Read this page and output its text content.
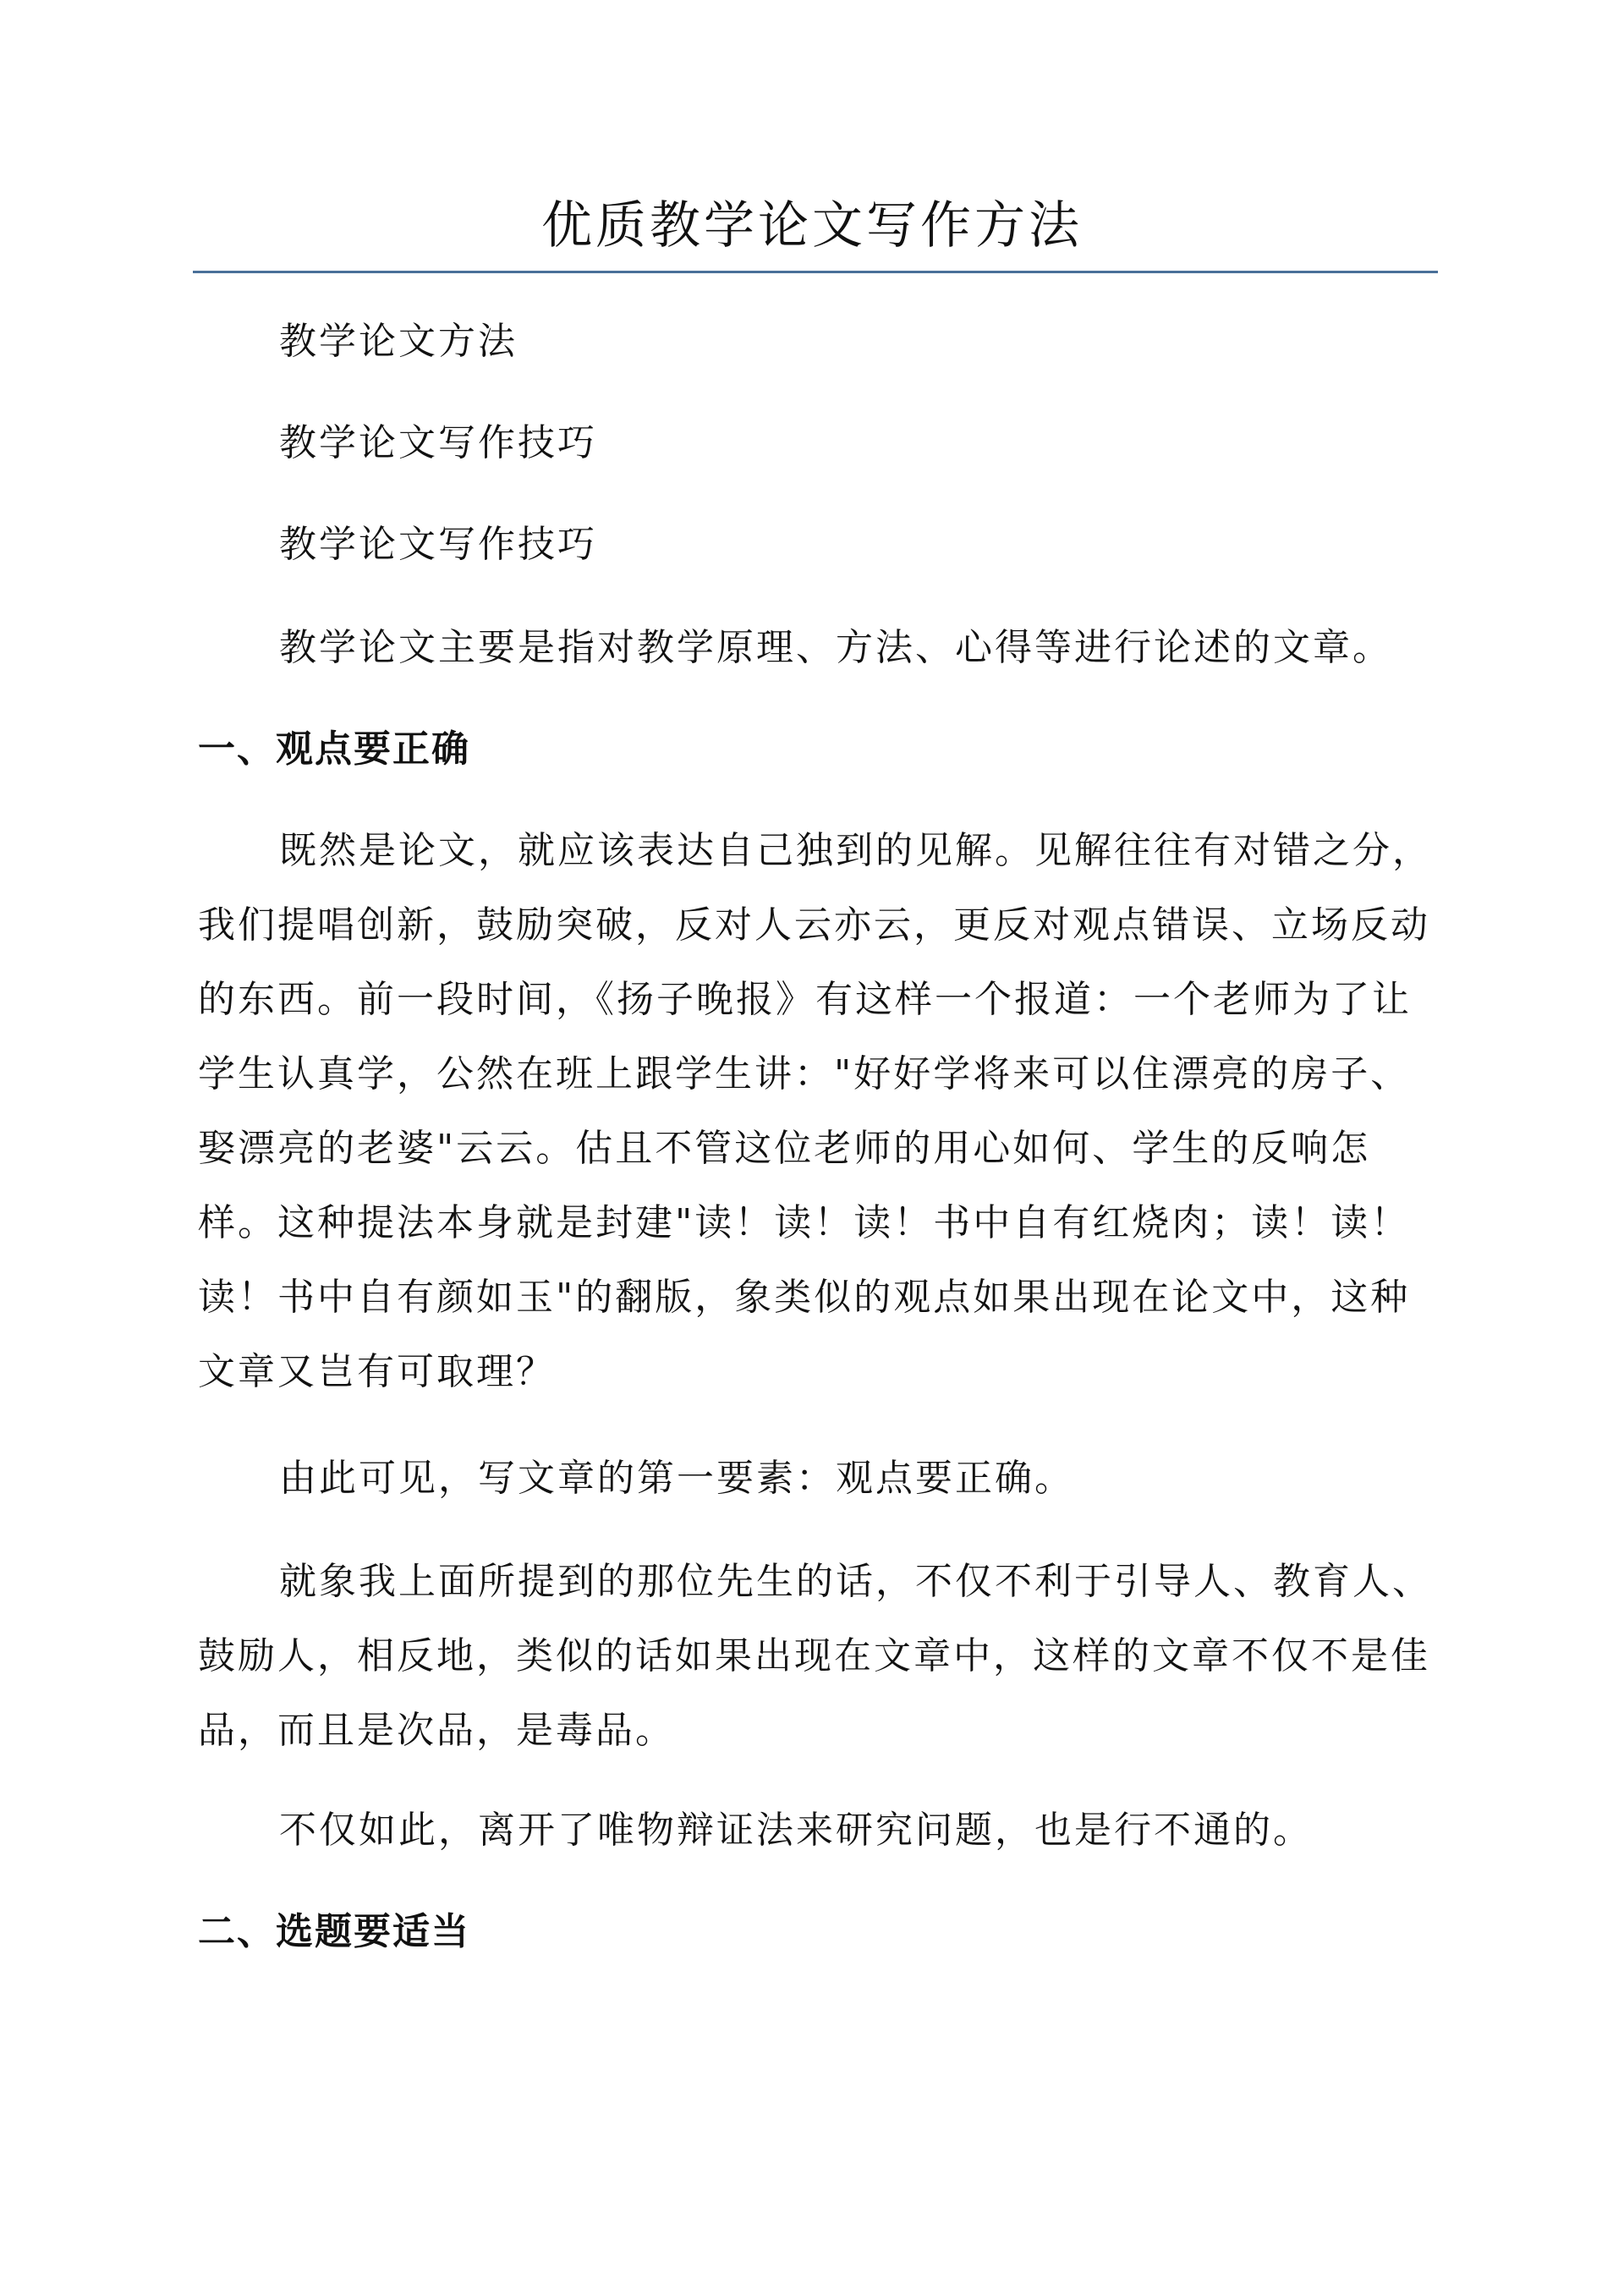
优质教学论文写作方法

教学论文方法

教学论文写作技巧

教学论文写作技巧

教学论文主要是指对教学原理、方法、心得等进行论述的文章。

一、观点要正确

既然是论文，就应该表达自己独到的见解。见解往往有对错之分，我们提唱创新，鼓励突破，反对人云亦云，更反对观点错误、立场反动的东西。前一段时间，《扬子晚报》有这样一个报道：一个老师为了让学生认真学，公然在班上跟学生讲："好好学将来可以住漂亮的房子、娶漂亮的老婆"云云。估且不管这位老师的用心如何、学生的反响怎样。这种提法本身就是封建"读！读！读！书中自有红烧肉；读！读！读！书中自有颜如玉"的翻版，象类似的观点如果出现在论文中，这种文章又岂有可取理？

由此可见，写文章的第一要素：观点要正确。

就象我上面所提到的那位先生的话，不仅不利于引导人、教育人、鼓励人，相反地，类似的话如果出现在文章中，这样的文章不仅不是佳品，而且是次品，是毒品。

不仅如此，离开了唯物辩证法来研究问题，也是行不通的。

二、选题要适当
